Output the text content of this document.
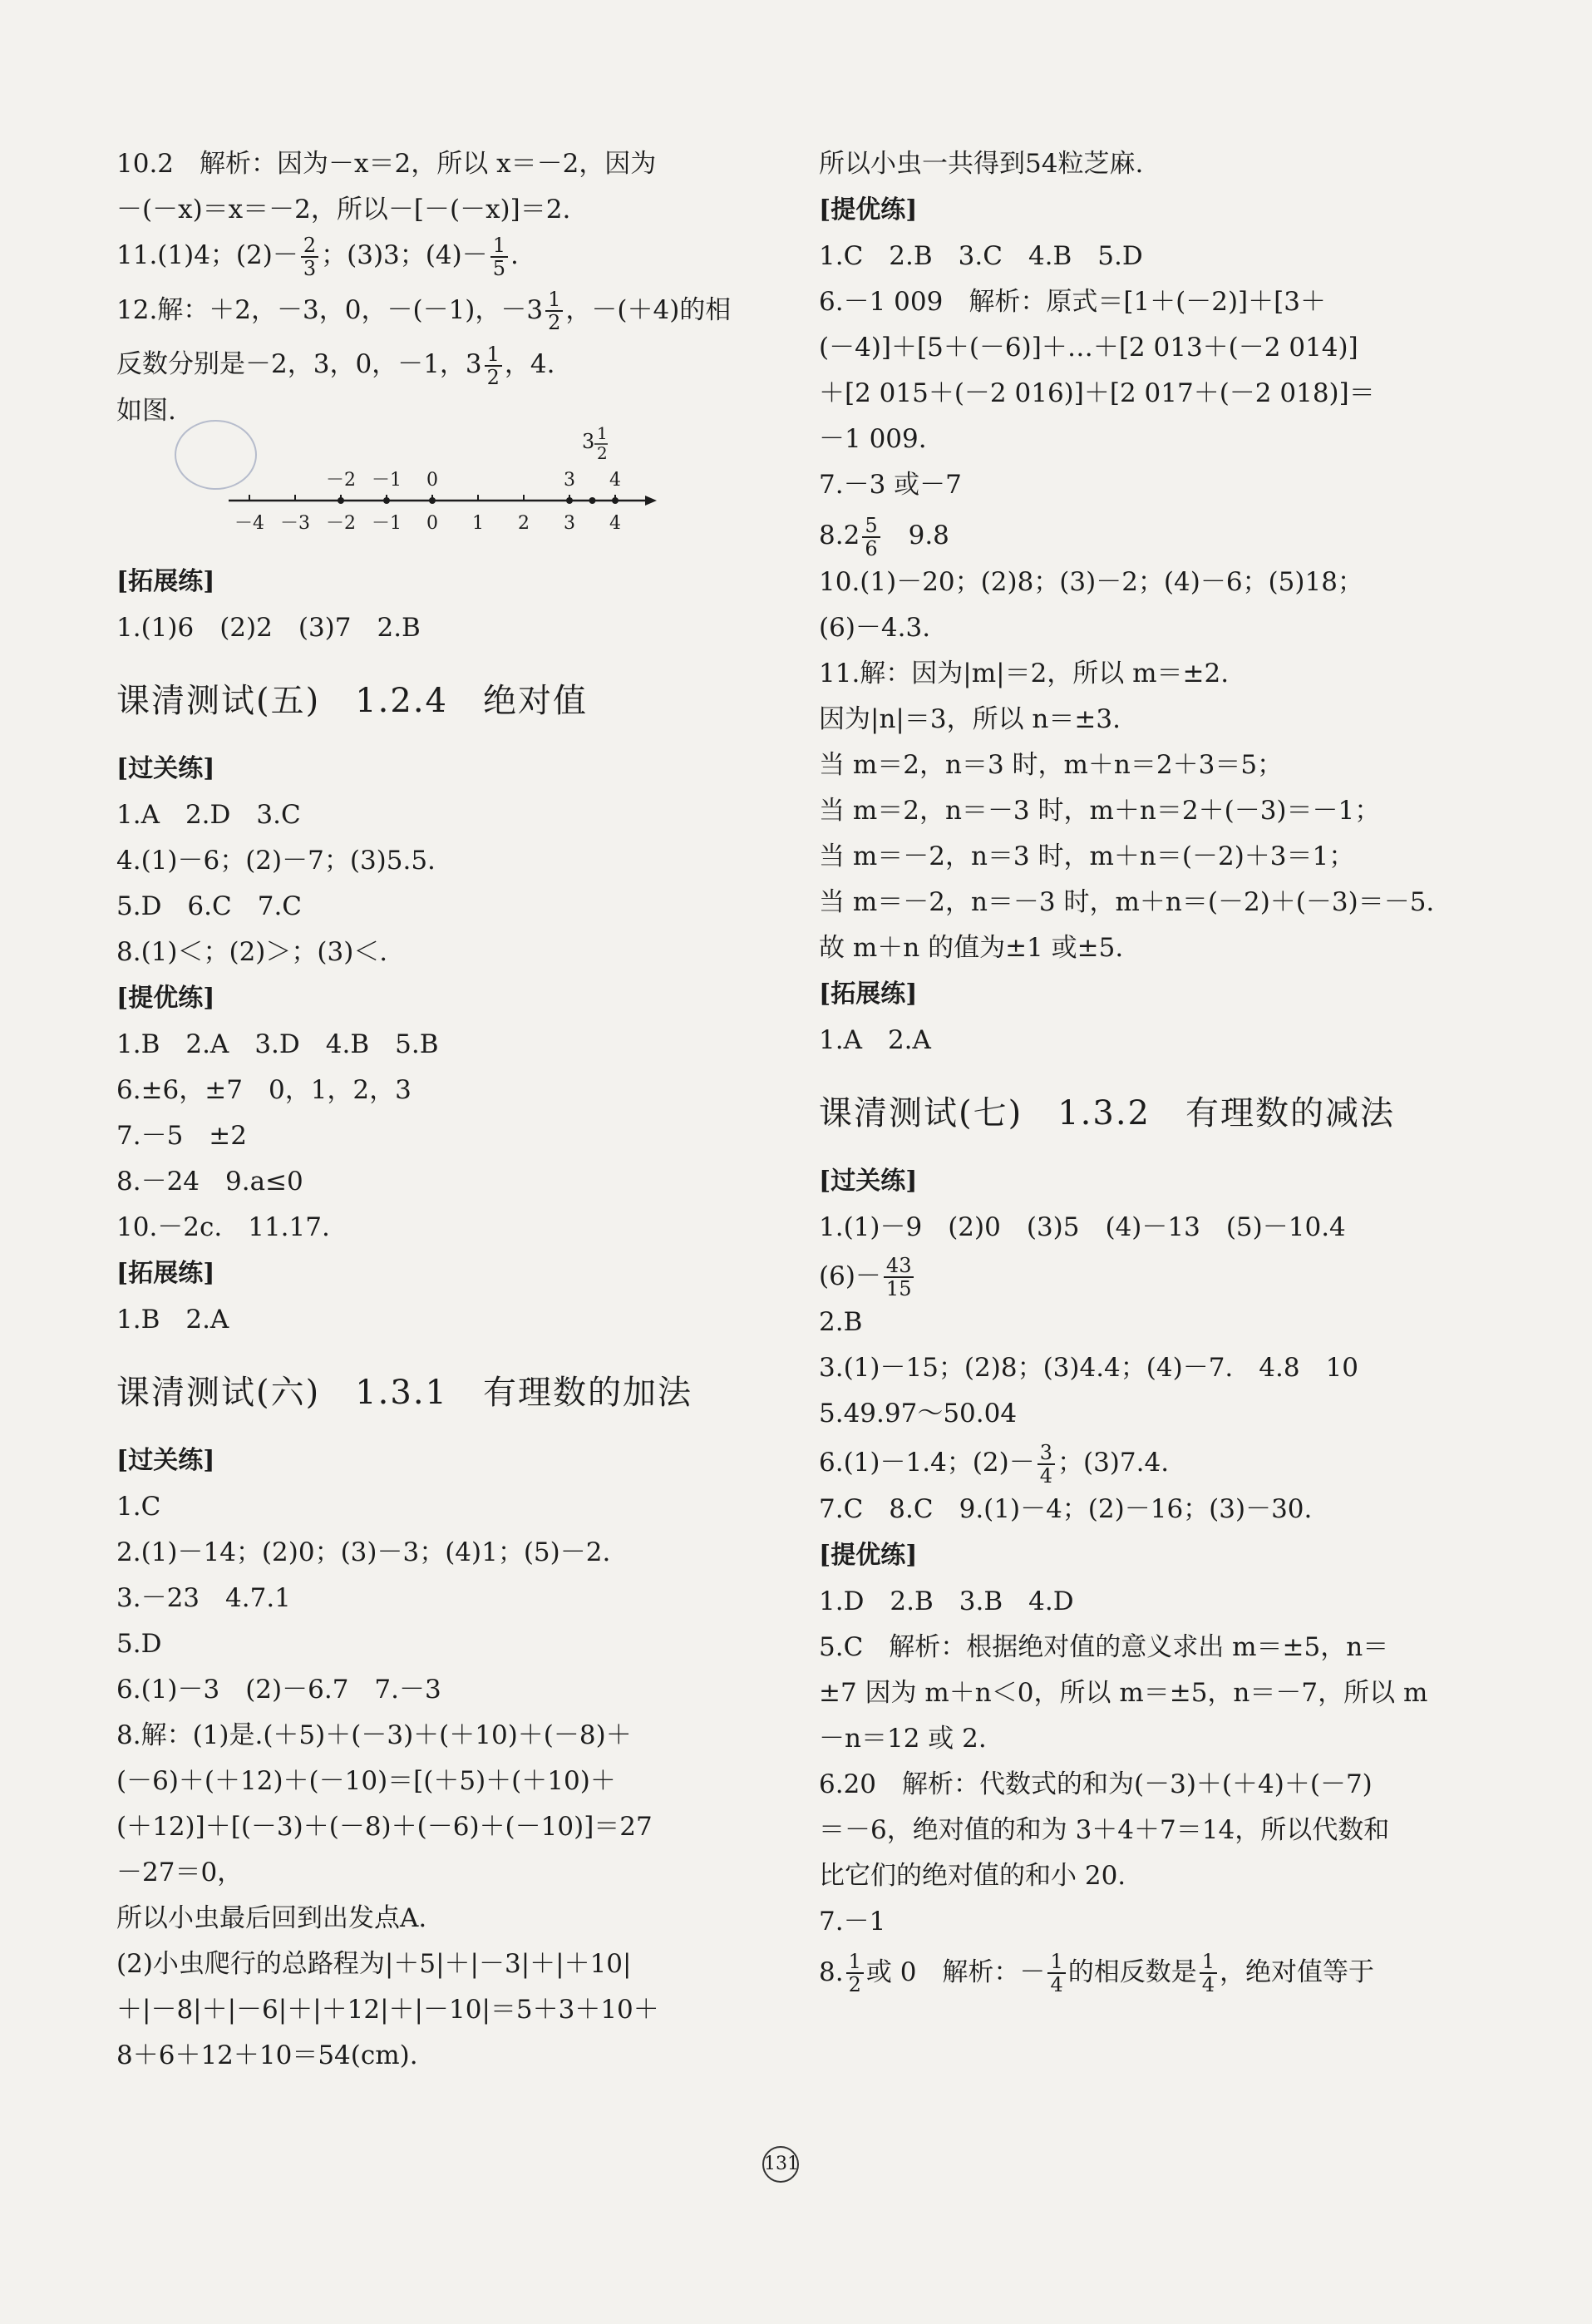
10.2　解析：因为－x＝2，所以 x＝－2，因为
－(－x)＝x＝－2，所以－[－(－x)]＝2.
11.(1)4；$(2)- \frac{2}{3}$ ；(3)3；$(4)- \frac{1}{5}$ .
12.解：＋2，－3，0，－(－1)，$-3 \frac{1}{2}$ ，－(＋4)的相
反数分别是－2，3，0，－1，$3 \frac{1}{2}$ ，4.
如图.
－4 －3 －2 －1 0 1 2 3 4
－2 －1 0	3 4
3 1
2
[拓展练]
1.(1)6　(2)2　(3)7　2.B
课清测试(五)　1.2.4　绝对值
[过关练]
1.A　2.D　3.C
4.(1)－6；(2)－7；(3)5.5.
5.D　6.C　7.C
8.(1)＜；(2)＞；(3)＜.
[提优练]
1.B　2.A　3.D　4.B　5.B
6.±6，±7　0，1，2，3
7.－5　±2
8.－24　9.a≤0
10.－2c.　11.17.
[拓展练]
1.B　2.A
课清测试(六)　1.3.1　有理数的加法
[过关练]
1.C
2.(1)－14；(2)0；(3)－3；(4)1；(5)－2.
3.－23　4.7.1
5.D
6.(1)－3　(2)－6.7　7.－3
8.解：(1)是.(＋5)＋(－3)＋(＋10)＋(－8)＋
(－6)＋(＋12)＋(－10)＝[(＋5)＋(＋10)＋
(＋12)]＋[(－3)＋(－8)＋(－6)＋(－10)]＝27
－27＝0，
所以小虫最后回到出发点A.
(2)小虫爬行的总路程为|＋5|＋|－3|＋|＋10|
＋|－8|＋|－6|＋|＋12|＋|－10|＝5＋3＋10＋
8＋6＋12＋10＝54(cm).
所以小虫一共得到54粒芝麻.
[提优练]
1.C　2.B　3.C　4.B　5.D
6.－1 009　解析：原式＝[1＋(－2)]＋[3＋
(－4)]＋[5＋(－6)]＋…＋[2 013＋(－2 014)]
＋[2 015＋(－2 016)]＋[2 017＋(－2 018)]＝
－1 009.
7.－3 或－7
$8.2 \frac{5}{6}$ 　9.8
10.(1)－20；(2)8；(3)－2；(4)－6；(5)18；
(6)－4.3.
11.解：因为|m|＝2，所以 m＝±2.
因为|n|＝3，所以 n＝±3.
当 m＝2，n＝3 时，m＋n＝2＋3＝5；
当 m＝2，n＝－3 时，m＋n＝2＋(－3)＝－1；
当 m＝－2，n＝3 时，m＋n＝(－2)＋3＝1；
当 m＝－2，n＝－3 时，m＋n＝(－2)＋(－3)＝－5.
故 m＋n 的值为±1 或±5.
[拓展练]
1.A　2.A
课清测试(七)　1.3.2　有理数的减法
[过关练]
1.(1)－9　(2)0　(3)5　(4)－13　(5)－10.4
$(6)- \frac{43}{15}$
2.B
3.(1)－15；(2)8；(3)4.4；(4)－7.　4.8　10
5.49.97～50.04
6.(1)－1.4；$(2)- \frac{3}{4}$ ；(3)7.4.
7.C　8.C　9.(1)－4；(2)－16；(3)－30.
[提优练]
1.D　2.B　3.B　4.D
5.C　解析：根据绝对值的意义求出 m＝±5，n＝
±7 因为 m＋n＜0，所以 m＝±5，n＝－7，所以 m
－n＝12 或 2.
6.20　解析：代数式的和为(－3)＋(＋4)＋(－7)
＝－6，绝对值的和为 3＋4＋7＝14，所以代数和
比它们的绝对值的和小 20.
7.－1
8. $\frac{1}{2}$ 或 0　解析：－ $\frac{1}{4}$ 的相反数是 $\frac{1}{4}$ ，绝对值等于
131
